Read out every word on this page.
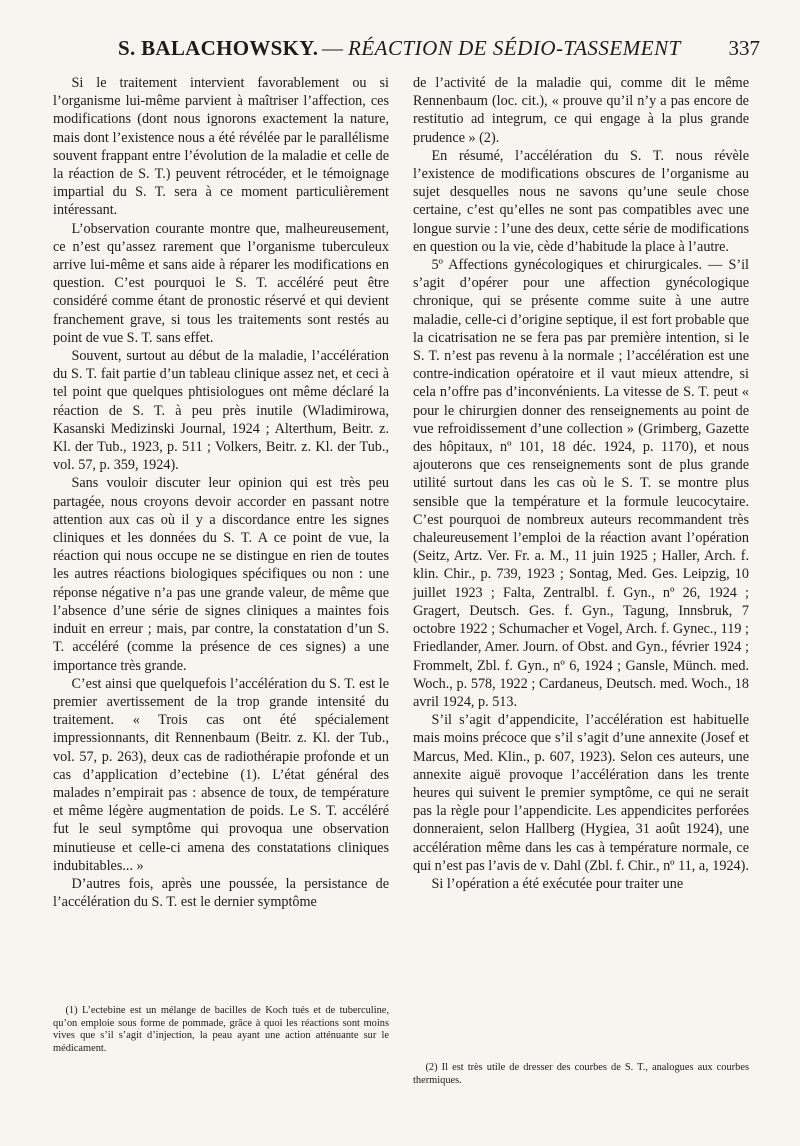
S. BALACHOWSKY. — RÉACTION DE SÉDIO-TASSEMENT 337

Si le traitement intervient favorablement ou si l’organisme lui-même parvient à maîtriser l’affection, ces modifications (dont nous ignorons exactement la nature, mais dont l’existence nous a été révélée par le parallélisme souvent frappant entre l’évolution de la maladie et celle de la réaction de S. T.) peuvent rétrocéder, et le témoignage impartial du S. T. sera à ce moment particulièrement intéressant.

L’observation courante montre que, malheureusement, ce n’est qu’assez rarement que l’organisme tuberculeux arrive lui-même et sans aide à réparer les modifications en question. C’est pourquoi le S. T. accéléré peut être considéré comme étant de pronostic réservé et qui devient franchement grave, si tous les traitements sont restés au point de vue S. T. sans effet.

Souvent, surtout au début de la maladie, l’accélération du S. T. fait partie d’un tableau clinique assez net, et ceci à tel point que quelques phtisiologues ont même déclaré la réaction de S. T. à peu près inutile (Wladimirowa, Kasanski Medizinski Journal, 1924 ; Alterthum, Beitr. z. Kl. der Tub., 1923, p. 511 ; Volkers, Beitr. z. Kl. der Tub., vol. 57, p. 359, 1924).

Sans vouloir discuter leur opinion qui est très peu partagée, nous croyons devoir accorder en passant notre attention aux cas où il y a discordance entre les signes cliniques et les données du S. T. A ce point de vue, la réaction qui nous occupe ne se distingue en rien de toutes les autres réactions biologiques spécifiques ou non : une réponse négative n’a pas une grande valeur, de même que l’absence d’une série de signes cliniques a maintes fois induit en erreur ; mais, par contre, la constatation d’un S. T. accéléré (comme la présence de ces signes) a une importance très grande.

C’est ainsi que quelquefois l’accélération du S. T. est le premier avertissement de la trop grande intensité du traitement. « Trois cas ont été spécialement impressionnants, dit Rennenbaum (Beitr. z. Kl. der Tub., vol. 57, p. 263), deux cas de radiothérapie profonde et un cas d’application d’ectebine (1). L’état général des malades n’empirait pas : absence de toux, de température et même légère augmentation de poids. Le S. T. accéléré fut le seul symptôme qui provoqua une observation minutieuse et celle-ci amena des constatations cliniques indubitables... »

D’autres fois, après une poussée, la persistance de l’accélération du S. T. est le dernier symptôme

de l’activité de la maladie qui, comme dit le même Rennenbaum (loc. cit.), « prouve qu’il n’y a pas encore de restitutio ad integrum, ce qui engage à la plus grande prudence » (2).

En résumé, l’accélération du S. T. nous révèle l’existence de modifications obscures de l’organisme au sujet desquelles nous ne savons qu’une seule chose certaine, c’est qu’elles ne sont pas compatibles avec une longue survie : l’une des deux, cette série de modifications en question ou la vie, cède d’habitude la place à l’autre.

5º Affections gynécologiques et chirurgicales. — S’il s’agit d’opérer pour une affection gynécologique chronique, qui se présente comme suite à une autre maladie, celle-ci d’origine septique, il est fort probable que la cicatrisation ne se fera pas par première intention, si le S. T. n’est pas revenu à la normale ; l’accélération est une contre-indication opératoire et il vaut mieux attendre, si cela n’offre pas d’inconvénients. La vitesse de S. T. peut « pour le chirurgien donner des renseignements au point de vue refroidissement d’une collection » (Grimberg, Gazette des hôpitaux, nº 101, 18 déc. 1924, p. 1170), et nous ajouterons que ces renseignements sont de plus grande utilité surtout dans les cas où le S. T. se montre plus sensible que la température et la formule leucocytaire. C’est pourquoi de nombreux auteurs recommandent très chaleureusement l’emploi de la réaction avant l’opération (Seitz, Artz. Ver. Fr. a. M., 11 juin 1925 ; Haller, Arch. f. klin. Chir., p. 739, 1923 ; Sontag, Med. Ges. Leipzig, 10 juillet 1923 ; Falta, Zentralbl. f. Gyn., nº 26, 1924 ; Gragert, Deutsch. Ges. f. Gyn., Tagung, Innsbruk, 7 octobre 1922 ; Schumacher et Vogel, Arch. f. Gynec., 119 ; Friedlander, Amer. Journ. of Obst. and Gyn., février 1924 ; Frommelt, Zbl. f. Gyn., nº 6, 1924 ; Gansle, Münch. med. Woch., p. 578, 1922 ; Cardaneus, Deutsch. med. Woch., 18 avril 1924, p. 513.

S’il s’agit d’appendicite, l’accélération est habituelle mais moins précoce que s’il s’agit d’une annexite (Josef et Marcus, Med. Klin., p. 607, 1923). Selon ces auteurs, une annexite aiguë provoque l’accélération dans les trente heures qui suivent le premier symptôme, ce qui ne serait pas la règle pour l’appendicite. Les appendicites perforées donneraient, selon Hallberg (Hygiea, 31 août 1924), une accélération même dans les cas à température normale, ce qui n’est pas l’avis de v. Dahl (Zbl. f. Chir., nº 11, a, 1924).

Si l’opération a été exécutée pour traiter une

(1) L’ectebine est un mélange de bacilles de Koch tués et de tuberculine, qu’on emploie sous forme de pommade, grâce à quoi les réactions sont moins vives que s’il s’agit d’injection, la peau ayant une action atténuante sur le médicament.

(2) Il est très utile de dresser des courbes de S. T., analogues aux courbes thermiques.
